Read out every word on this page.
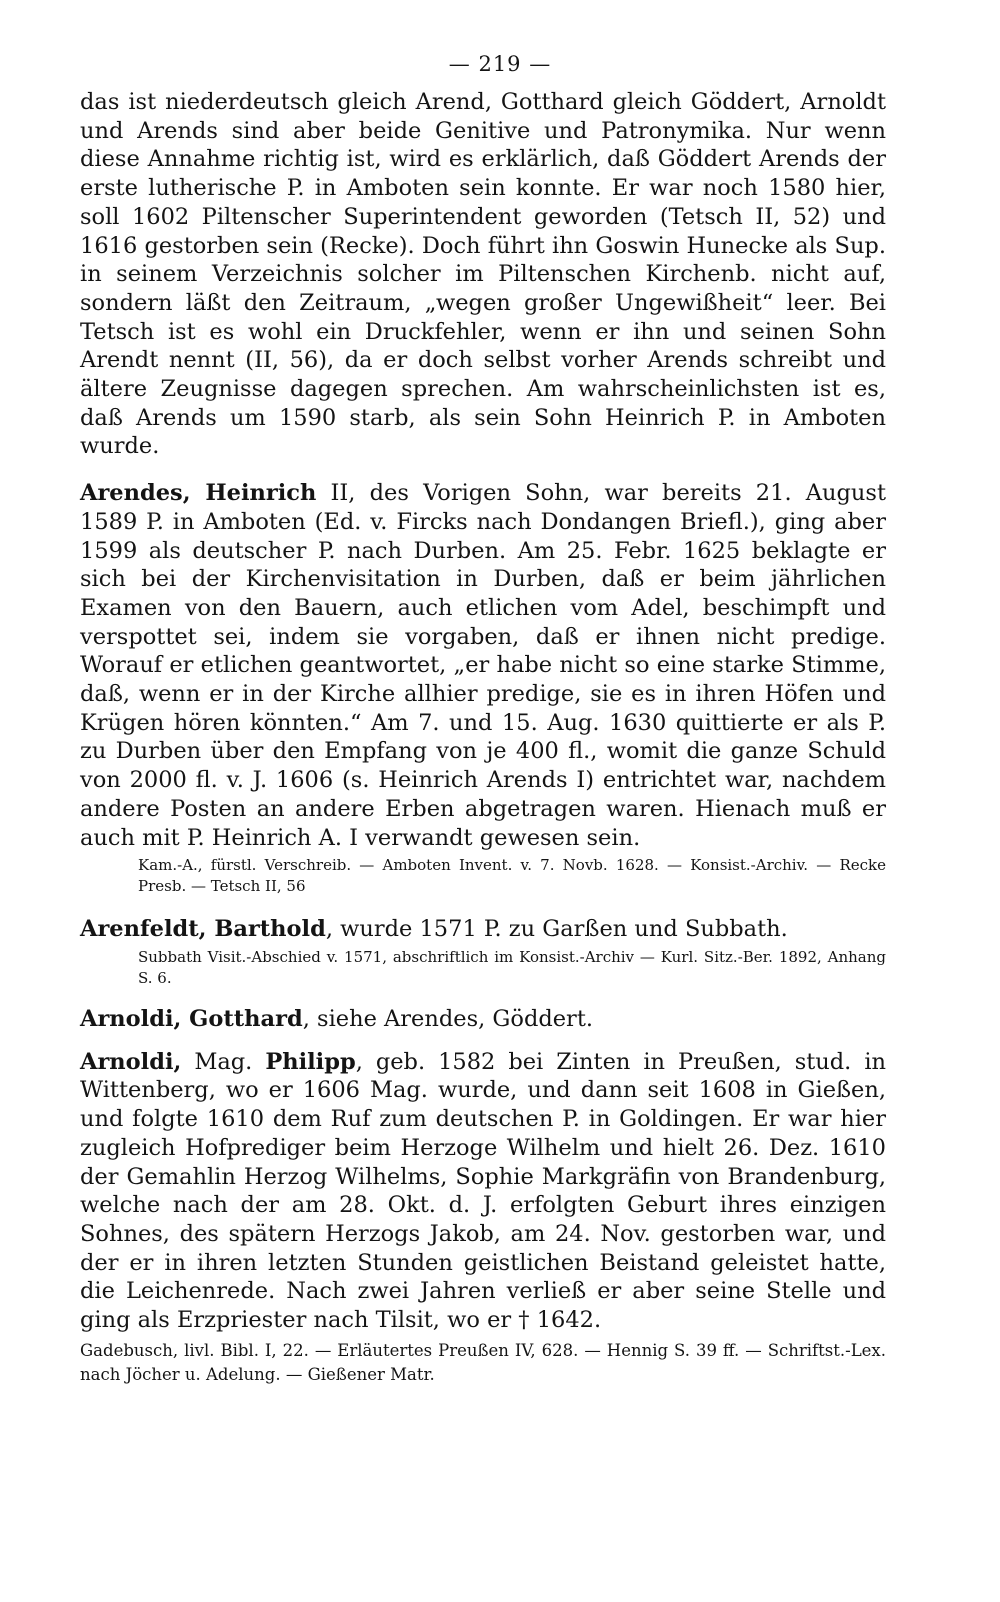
— 219 —

das ist niederdeutsch gleich Arend, Gotthard gleich Göddert, Arnoldt und Arends sind aber beide Genitive und Patronymika. Nur wenn diese Annahme richtig ist, wird es erklärlich, daß Göddert Arends der erste lutherische P. in Amboten sein konnte. Er war noch 1580 hier, soll 1602 Piltenscher Superintendent geworden (Tetsch II, 52) und 1616 gestorben sein (Recke). Doch führt ihn Goswin Hunecke als Sup. in seinem Verzeichnis solcher im Piltenschen Kirchenb. nicht auf, sondern läßt den Zeitraum, „wegen großer Ungewißheit“ leer. Bei Tetsch ist es wohl ein Druckfehler, wenn er ihn und seinen Sohn Arendt nennt (II, 56), da er doch selbst vorher Arends schreibt und ältere Zeugnisse dagegen sprechen. Am wahrscheinlichsten ist es, daß Arends um 1590 starb, als sein Sohn Heinrich P. in Amboten wurde.

Arendes, Heinrich II, des Vorigen Sohn, war bereits 21. August 1589 P. in Amboten (Ed. v. Fircks nach Dondangen Briefl.), ging aber 1599 als deutscher P. nach Durben. Am 25. Febr. 1625 beklagte er sich bei der Kirchenvisitation in Durben, daß er beim jährlichen Examen von den Bauern, auch etlichen vom Adel, beschimpft und verspottet sei, indem sie vorgaben, daß er ihnen nicht predige. Worauf er etlichen geantwortet, „er habe nicht so eine starke Stimme, daß, wenn er in der Kirche allhier predige, sie es in ihren Höfen und Krügen hören könnten.“ Am 7. und 15. Aug. 1630 quittierte er als P. zu Durben über den Empfang von je 400 fl., womit die ganze Schuld von 2000 fl. v. J. 1606 (s. Heinrich Arends I) entrichtet war, nachdem andere Posten an andere Erben abgetragen waren. Hienach muß er auch mit P. Heinrich A. I verwandt gewesen sein.

Kam.-A., fürstl. Verschreib. — Amboten Invent. v. 7. Novb. 1628. — Konsist.-Archiv. — Recke Presb. — Tetsch II, 56

Arenfeldt, Barthold, wurde 1571 P. zu Garßen und Subbath.

Subbath Visit.-Abschied v. 1571, abschriftlich im Konsist.-Archiv — Kurl. Sitz.-Ber. 1892, Anhang S. 6.

Arnoldi, Gotthard, siehe Arendes, Göddert.

Arnoldi, Mag. Philipp, geb. 1582 bei Zinten in Preußen, stud. in Wittenberg, wo er 1606 Mag. wurde, und dann seit 1608 in Gießen, und folgte 1610 dem Ruf zum deutschen P. in Goldingen. Er war hier zugleich Hofprediger beim Herzoge Wilhelm und hielt 26. Dez. 1610 der Gemahlin Herzog Wilhelms, Sophie Markgräfin von Brandenburg, welche nach der am 28. Okt. d. J. erfolgten Geburt ihres einzigen Sohnes, des spätern Herzogs Jakob, am 24. Nov. gestorben war, und der er in ihren letzten Stunden geistlichen Beistand geleistet hatte, die Leichenrede. Nach zwei Jahren verließ er aber seine Stelle und ging als Erzpriester nach Tilsit, wo er † 1642.

Gadebusch, livl. Bibl. I, 22. — Erläutertes Preußen IV, 628. — Hennig S. 39 ff. — Schriftst.-Lex. nach Jöcher u. Adelung. — Gießener Matr.
